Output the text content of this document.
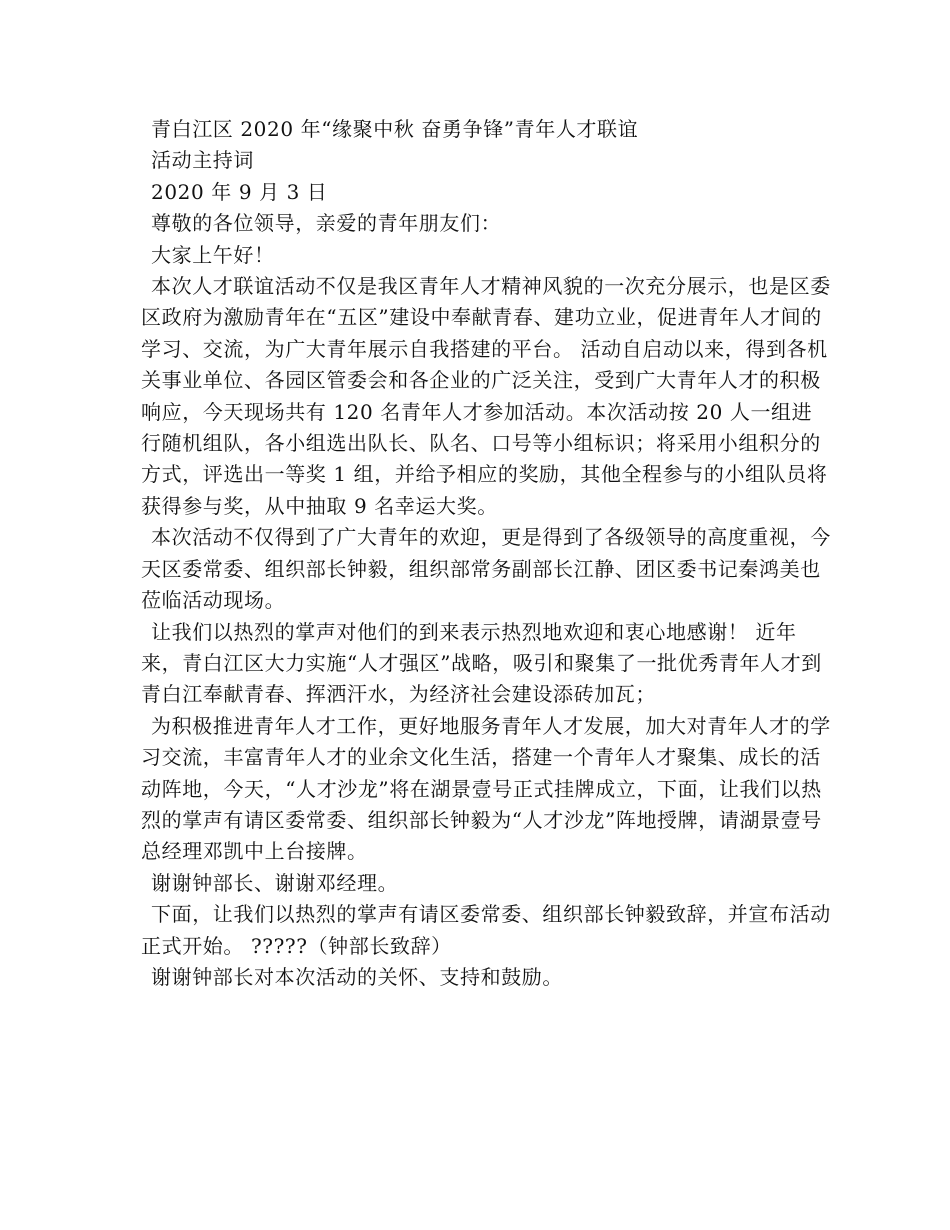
青白江区 2020 年“缘聚中秋 奋勇争锋”青年人才联谊

活动主持词

2020 年 9 月 3 日

尊敬的各位领导，亲爱的青年朋友们：

大家上午好！

本次人才联谊活动不仅是我区青年人才精神风貌的一次充分展示，也是区委区政府为激励青年在“五区”建设中奉献青春、建功立业，促进青年人才间的学习、交流，为广大青年展示自我搭建的平台。 活动自启动以来，得到各机关事业单位、各园区管委会和各企业的广泛关注，受到广大青年人才的积极响应，今天现场共有 120 名青年人才参加活动。本次活动按 20 人一组进行随机组队，各小组选出队长、队名、口号等小组标识；将采用小组积分的方式，评选出一等奖 1 组，并给予相应的奖励，其他全程参与的小组队员将获得参与奖，从中抽取 9 名幸运大奖。

本次活动不仅得到了广大青年的欢迎，更是得到了各级领导的高度重视，今天区委常委、组织部长钟毅，组织部常务副部长江静、团区委书记秦鸿美也莅临活动现场。

让我们以热烈的掌声对他们的到来表示热烈地欢迎和衷心地感谢！ 近年来，青白江区大力实施“人才强区”战略，吸引和聚集了一批优秀青年人才到青白江奉献青春、挥洒汗水，为经济社会建设添砖加瓦；

为积极推进青年人才工作，更好地服务青年人才发展，加大对青年人才的学习交流，丰富青年人才的业余文化生活，搭建一个青年人才聚集、成长的活动阵地，今天，“人才沙龙”将在湖景壹号正式挂牌成立，下面，让我们以热烈的掌声有请区委常委、组织部长钟毅为“人才沙龙”阵地授牌，请湖景壹号总经理邓凯中上台接牌。

谢谢钟部长、谢谢邓经理。

下面，让我们以热烈的掌声有请区委常委、组织部长钟毅致辞，并宣布活动正式开始。 ?????（钟部长致辞）

谢谢钟部长对本次活动的关怀、支持和鼓励。
